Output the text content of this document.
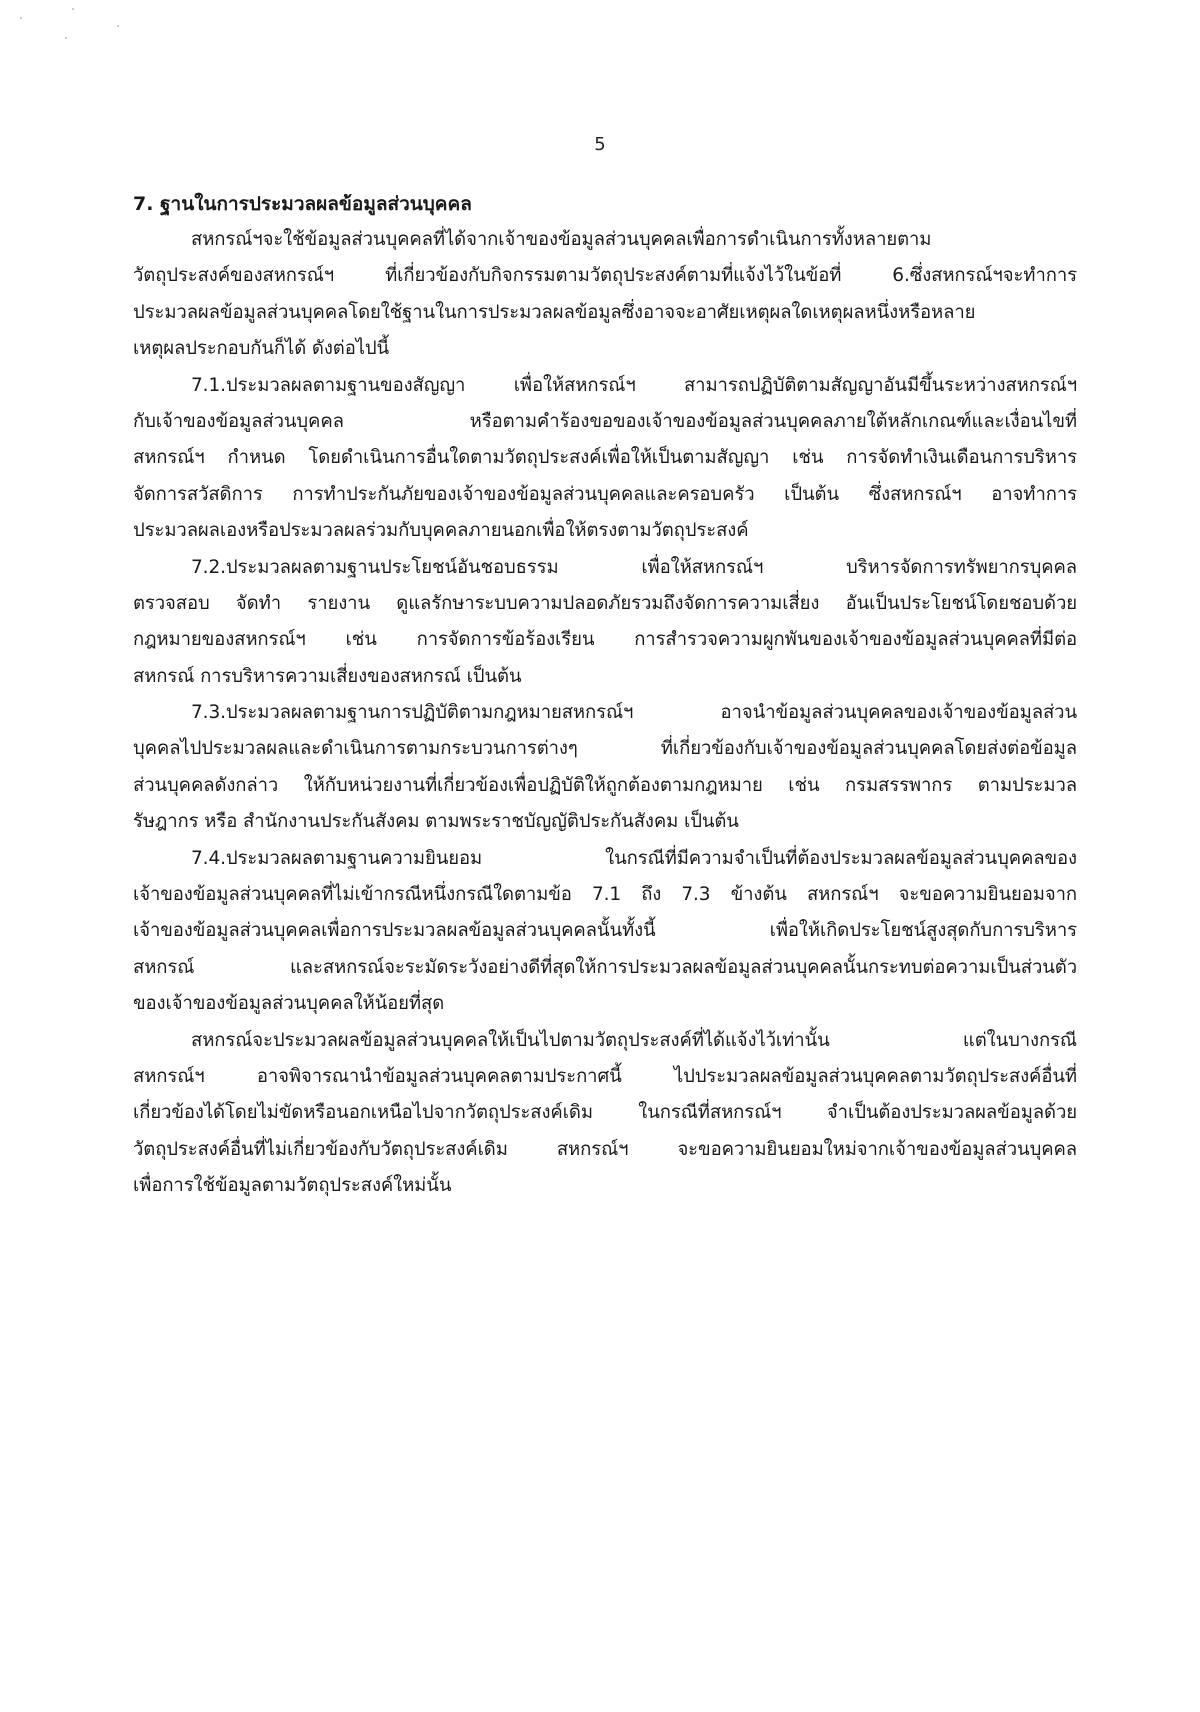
5
7. ฐานในการประมวลผลข้อมูลส่วนบุคคล

สหกรณ์ฯจะใช้ข้อมูลส่วนบุคคลที่ได้จากเจ้าของข้อมูลส่วนบุคคลเพื่อการดำเนินการทั้งหลายตาม
วัตถุประสงค์ของสหกรณ์ฯ ที่เกี่ยวข้องกับกิจกรรมตามวัตถุประสงค์ตามที่แจ้งไว้ในข้อที่ 6.ซึ่งสหกรณ์ฯจะทำการ
ประมวลผลข้อมูลส่วนบุคคลโดยใช้ฐานในการประมวลผลข้อมูลซึ่งอาจจะอาศัยเหตุผลใดเหตุผลหนึ่งหรือหลาย
เหตุผลประกอบกันก็ได้ ดังต่อไปนี้

7.1.ประมวลผลตามฐานของสัญญา เพื่อให้สหกรณ์ฯ สามารถปฏิบัติตามสัญญาอันมีขึ้นระหว่างสหกรณ์ฯ
กับเจ้าของข้อมูลส่วนบุคคล หรือตามคำร้องขอของเจ้าของข้อมูลส่วนบุคคลภายใต้หลักเกณฑ์และเงื่อนไขที่
สหกรณ์ฯ กำหนด โดยดำเนินการอื่นใดตามวัตถุประสงค์เพื่อให้เป็นตามสัญญา เช่น การจัดทำเงินเดือนการบริหาร
จัดการสวัสดิการ การทำประกันภัยของเจ้าของข้อมูลส่วนบุคคลและครอบครัว เป็นต้น ซึ่งสหกรณ์ฯ อาจทำการ
ประมวลผลเองหรือประมวลผลร่วมกับบุคคลภายนอกเพื่อให้ตรงตามวัตถุประสงค์

7.2.ประมวลผลตามฐานประโยชน์อันชอบธรรม เพื่อให้สหกรณ์ฯ บริหารจัดการทรัพยากรบุคคล
ตรวจสอบ จัดทำ รายงาน ดูแลรักษาระบบความปลอดภัยรวมถึงจัดการความเสี่ยง อันเป็นประโยชน์โดยชอบด้วย
กฎหมายของสหกรณ์ฯ เช่น การจัดการข้อร้องเรียน การสำรวจความผูกพันของเจ้าของข้อมูลส่วนบุคคลที่มีต่อ
สหกรณ์ การบริหารความเสี่ยงของสหกรณ์ เป็นต้น

7.3.ประมวลผลตามฐานการปฏิบัติตามกฎหมายสหกรณ์ฯ อาจนำข้อมูลส่วนบุคคลของเจ้าของข้อมูลส่วน
บุคคลไปประมวลผลและดำเนินการตามกระบวนการต่างๆ ที่เกี่ยวข้องกับเจ้าของข้อมูลส่วนบุคคลโดยส่งต่อข้อมูล
ส่วนบุคคลดังกล่าว ให้กับหน่วยงานที่เกี่ยวข้องเพื่อปฏิบัติให้ถูกต้องตามกฎหมาย เช่น กรมสรรพากร ตามประมวล
รัษฎากร หรือ สำนักงานประกันสังคม ตามพระราชบัญญัติประกันสังคม เป็นต้น

7.4.ประมวลผลตามฐานความยินยอม ในกรณีที่มีความจำเป็นที่ต้องประมวลผลข้อมูลส่วนบุคคลของ
เจ้าของข้อมูลส่วนบุคคลที่ไม่เข้ากรณีหนึ่งกรณีใดตามข้อ 7.1 ถึง 7.3 ข้างต้น สหกรณ์ฯ จะขอความยินยอมจาก
เจ้าของข้อมูลส่วนบุคคลเพื่อการประมวลผลข้อมูลส่วนบุคคลนั้นทั้งนี้ เพื่อให้เกิดประโยชน์สูงสุดกับการบริหาร
สหกรณ์ และสหกรณ์จะระมัดระวังอย่างดีที่สุดให้การประมวลผลข้อมูลส่วนบุคคลนั้นกระทบต่อความเป็นส่วนตัว
ของเจ้าของข้อมูลส่วนบุคคลให้น้อยที่สุด

สหกรณ์จะประมวลผลข้อมูลส่วนบุคคลให้เป็นไปตามวัตถุประสงค์ที่ได้แจ้งไว้เท่านั้น แต่ในบางกรณี
สหกรณ์ฯ อาจพิจารณานำข้อมูลส่วนบุคคลตามประกาศนี้ ไปประมวลผลข้อมูลส่วนบุคคลตามวัตถุประสงค์อื่นที่
เกี่ยวข้องได้โดยไม่ขัดหรือนอกเหนือไปจากวัตถุประสงค์เดิม ในกรณีที่สหกรณ์ฯ จำเป็นต้องประมวลผลข้อมูลด้วย
วัตถุประสงค์อื่นที่ไม่เกี่ยวข้องกับวัตถุประสงค์เดิม สหกรณ์ฯ จะขอความยินยอมใหม่จากเจ้าของข้อมูลส่วนบุคคล
เพื่อการใช้ข้อมูลตามวัตถุประสงค์ใหม่นั้น
